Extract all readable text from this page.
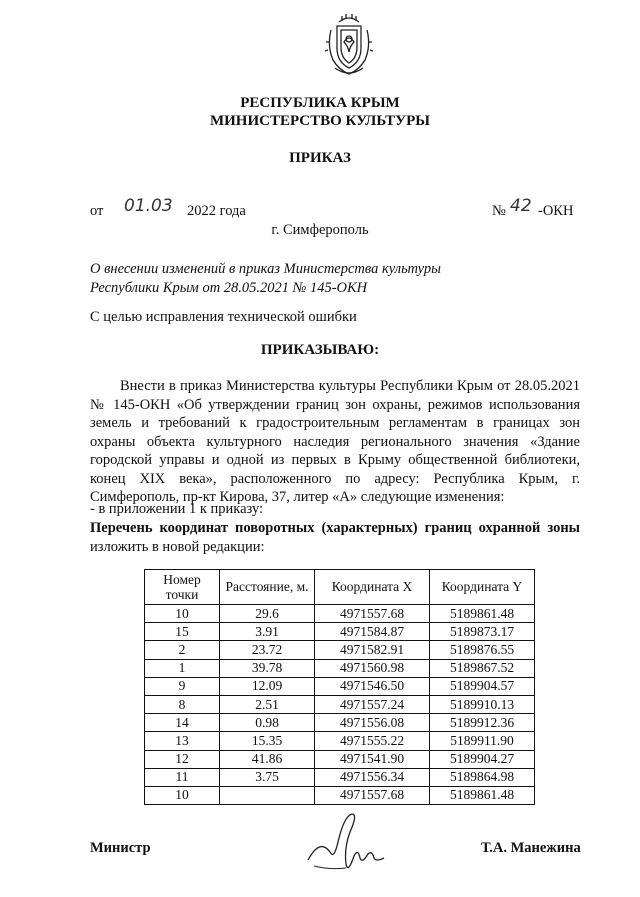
РЕСПУБЛИКА КРЫМ
МИНИСТЕРСТВО КУЛЬТУРЫ
ПРИКАЗ
от 01.03 2022 года	№ 42 -ОКН
г. Симферополь
О внесении изменений в приказ Министерства культуры
Республики Крым от 28.05.2021 № 145-ОКН
С целью исправления технической ошибки
ПРИКАЗЫВАЮ:
Внести в приказ Министерства культуры Республики Крым от 28.05.2021 № 145-ОКН «Об утверждении границ зон охраны, режимов использования земель и требований к градостроительным регламентам в границах зон охраны объекта культурного наследия регионального значения «Здание городской управы и одной из первых в Крыму общественной библиотеки, конец XIX века», расположенного по адресу: Республика Крым, г. Симферополь, пр-кт Кирова, 37, литер «А» следующие изменения:
- в приложении 1 к приказу:
Перечень координат поворотных (характерных) границ охранной зоны изложить в новой редакции:
Номер точки	Расстояние, м.	Координата X	Координата Y
10	29.6	4971557.68	5189861.48
15	3.91	4971584.87	5189873.17
2	23.72	4971582.91	5189876.55
1	39.78	4971560.98	5189867.52
9	12.09	4971546.50	5189904.57
8	2.51	4971557.24	5189910.13
14	0.98	4971556.08	5189912.36
13	15.35	4971555.22	5189911.90
12	41.86	4971541.90	5189904.27
11	3.75	4971556.34	5189864.98
10		4971557.68	5189861.48
Министр	Т.А. Манежина
